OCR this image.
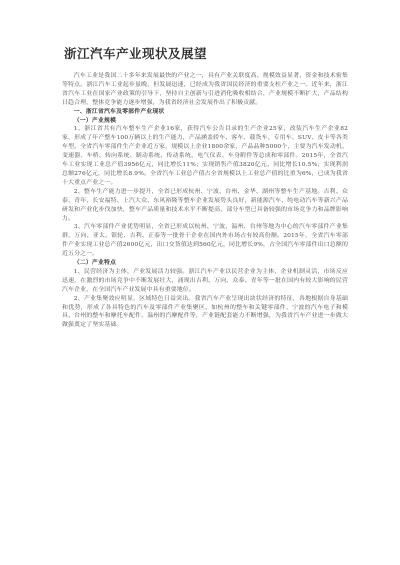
浙江汽车产业现状及展望

汽车工业是我国二十多年来发展最快的产业之一，具有产业关联度高、规模效益显著、资金和技术密集等特点。浙江汽车工业起步虽晚，但发展迅速，已经成为我省国民经济的重要支柱产业之一。近年来，浙江省汽车工业在国家产业政策的引导下，坚持自主创新与引进消化吸收相结合，产业规模不断扩大，产品结构日趋合理，整体竞争能力逐步增强，为我省经济社会发展作出了积极贡献。

一、浙江省汽车及零部件产业现状

（一）产业规模

1、浙江省共有汽车整车生产企业16家，获得汽车公告目录的生产企业25家，改装汽车生产企业82家，形成了年产整车100万辆以上的生产能力，产品涵盖轿车、客车、载货车、专用车、SUV、皮卡等各类车型。全省汽车零部件生产企业近万家，规模以上企业1800余家，产品品种5000个，主要为汽车发动机、变速器、车桥、转向系统、制动系统、传动系统、电气仪表、车身附件等总成和零部件。2015年，全省汽车工业实现工业总产值3956亿元，同比增长11%；实现销售产值3820亿元，同比增长10.5%；实现利润总额276亿元，同比增长8.9%。全省汽车工业总产值占全省规模以上工业总产值的比重为6%，已成为我省十大重点产业之一。

2、整车生产能力进一步提升，全省已形成杭州、宁波、台州、金华、湖州等整车生产基地。吉利、众泰、青年、长安福特、上汽大众、东风裕隆等整车企业发展势头良好，新能源汽车、纯电动汽车等新兴产品研发和产业化步伐加快，整车产品质量和技术水平不断提高，部分车型已具备较强的市场竞争力和品牌影响力。

3、汽车零部件产业优势明显，全省已形成以杭州、宁波、温州、台州等地为中心的汽车零部件产业集群，万向、亚太、银轮、吉利、正泰等一批骨干企业在国内外市场占有较高份额。2015年，全省汽车零部件产业实现工业总产值2600亿元，出口交货值达到560亿元，同比增长9%，占全国汽车零部件出口总额的近五分之一。

（二）产业特点

1、民营经济为主体，产业发展活力较强。浙江汽车产业以民营企业为主体，企业机制灵活，市场反应迅速，在激烈的市场竞争中不断发展壮大，涌现出吉利、万向、众泰、青年等一批在国内有较大影响的民营汽车企业，在全国汽车产业发展中具有重要地位。

2、产业集聚效应明显，区域特色日益突出。我省汽车产业呈现出块状经济的特征，各地根据自身基础和优势，形成了各具特色的汽车及零部件产业集聚区，如杭州的整车和关键零部件、宁波的汽车电子和模具、台州的整车和摩托车配件、温州的汽摩配件等，产业链配套能力不断增强，为我省汽车产业进一步做大做强奠定了坚实基础。
